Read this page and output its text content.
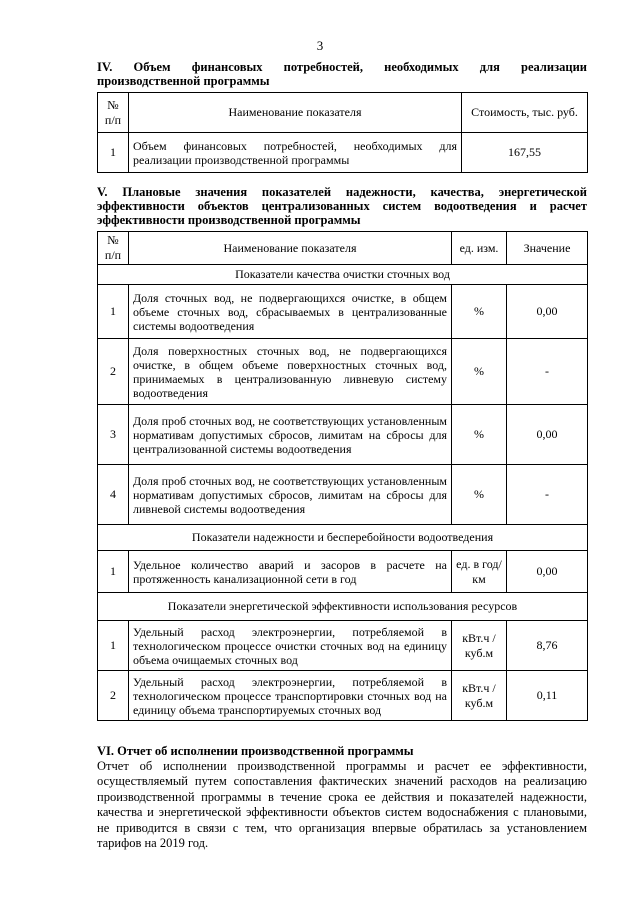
3
IV. Объем финансовых потребностей, необходимых для реализации
производственной программы
№ п/п	Наименование показателя	Стоимость, тыс. руб.
1	Объем финансовых потребностей, необходимых для реализации производственной программы	167,55
V. Плановые значения показателей надежности, качества, энергетической
эффективности объектов централизованных систем водоотведения и расчет
эффективности производственной программы
№ п/п	Наименование показателя	ед. изм.	Значение
Показатели качества очистки сточных вод			
1	Доля сточных вод, не подвергающихся очистке, в общем объеме сточных вод, сбрасываемых в централизованные системы водоотведения	%	0,00
2	Доля поверхностных сточных вод, не подвергающихся очистке, в общем объеме поверхностных сточных вод, принимаемых в централизованную ливневую систему водоотведения	%	-
3	Доля проб сточных вод, не соответствующих установленным нормативам допустимых сбросов, лимитам на сбросы для централизованной системы водоотведения	%	0,00
4	Доля проб сточных вод, не соответствующих установленным нормативам допустимых сбросов, лимитам на сбросы для ливневой системы водоотведения	%	-
Показатели надежности и бесперебойности водоотведения			
1	Удельное количество аварий и засоров в расчете на протяженность канализационной сети в год	ед. в год/ км	0,00
Показатели энергетической эффективности использования ресурсов			
1	Удельный расход электроэнергии, потребляемой в технологическом процессе очистки сточных вод на единицу объема очищаемых сточных вод	кВт.ч / куб.м	8,76
2	Удельный расход электроэнергии, потребляемой в технологическом процессе транспортировки сточных вод на единицу объема транспортируемых сточных вод	кВт.ч / куб.м	0,11
VI. Отчет об исполнении производственной программы

Отчет об исполнении производственной программы и расчет ее эффективности, осуществляемый путем сопоставления фактических значений расходов на реализацию производственной программы в течение срока ее действия и показателей надежности, качества и энергетической эффективности объектов систем водоснабжения с плановыми, не приводится в связи с тем, что организация впервые обратилась за установлением тарифов на 2019 год.
